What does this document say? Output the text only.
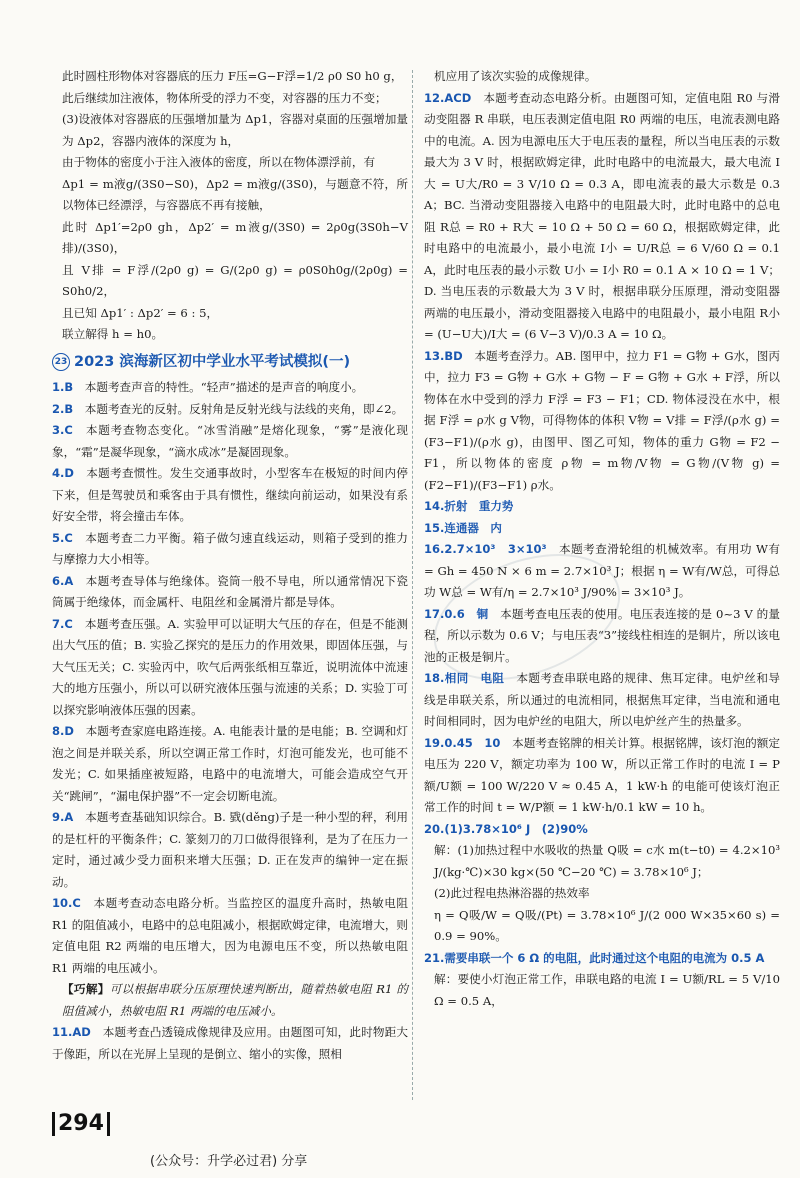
此时圆柱形物体对容器底的压力 F压=G−F浮=1/2 ρ0 S0 h0 g，

此后继续加注液体，物体所受的浮力不变，对容器的压力不变；

(3)设液体对容器底的压强增加量为 Δp1，容器对桌面的压强增加量为 Δp2，容器内液体的深度为 h，

由于物体的密度小于注入液体的密度，所以在物体漂浮前，有

Δp1 = m液g/(3S0−S0)，Δp2 = m液g/(3S0)，与题意不符，所以物体已经漂浮，与容器底不再有接触，

此时 Δp1′=2ρ0 gh，Δp2′ = m液g/(3S0) = 2ρ0g(3S0h−V排)/(3S0)，

且 V排 = F浮/(2ρ0 g) = G/(2ρ0 g) = ρ0S0h0g/(2ρ0g) = S0h0/2，

且已知 Δp1′ : Δp2′ = 6 : 5，

联立解得 h = h0。

23 2023 滨海新区初中学业水平考试模拟(一)

1.B　 本题考查声音的特性。“轻声”描述的是声音的响度小。

2.B　 本题考查光的反射。反射角是反射光线与法线的夹角，即∠2。

3.C　 本题考查物态变化。“冰雪消融”是熔化现象，“雾”是液化现象，“霜”是凝华现象，“滴水成冰”是凝固现象。

4.D　 本题考查惯性。发生交通事故时，小型客车在极短的时间内停下来，但是驾驶员和乘客由于具有惯性，继续向前运动，如果没有系好安全带，将会撞击车体。

5.C　 本题考查二力平衡。箱子做匀速直线运动，则箱子受到的推力与摩擦力大小相等。

6.A　 本题考查导体与绝缘体。瓷筒一般不导电，所以通常情况下瓷筒属于绝缘体，而金属杆、电阻丝和金属滑片都是导体。

7.C　 本题考查压强。A. 实验甲可以证明大气压的存在，但是不能测出大气压的值；B. 实验乙探究的是压力的作用效果，即固体压强，与大气压无关；C. 实验丙中，吹气后两张纸相互靠近，说明流体中流速大的地方压强小，所以可以研究液体压强与流速的关系；D. 实验丁可以探究影响液体压强的因素。

8.D　 本题考查家庭电路连接。A. 电能表计量的是电能；B. 空调和灯泡之间是并联关系，所以空调正常工作时，灯泡可能发光，也可能不发光；C. 如果插座被短路，电路中的电流增大，可能会造成空气开关“跳闸”，“漏电保护器”不一定会切断电流。

9.A　 本题考查基础知识综合。B. 戥(děng)子是一种小型的秤，利用的是杠杆的平衡条件；C. 篆刻刀的刀口做得很锋利，是为了在压力一定时，通过减少受力面积来增大压强；D. 正在发声的编钟一定在振动。

10.C　 本题考查动态电路分析。当监控区的温度升高时，热敏电阻 R1 的阻值减小，电路中的总电阻减小，根据欧姆定律，电流增大，则定值电阻 R2 两端的电压增大，因为电源电压不变，所以热敏电阻 R1 两端的电压减小。

【巧解】可以根据串联分压原理快速判断出，随着热敏电阻 R1 的阻值减小，热敏电阻 R1 两端的电压减小。

11.AD　 本题考查凸透镜成像规律及应用。由题图可知，此时物距大于像距，所以在光屏上呈现的是倒立、缩小的实像，照相

机应用了该次实验的成像规律。

12.ACD　 本题考查动态电路分析。由题图可知，定值电阻 R0 与滑动变阻器 R 串联，电压表测定值电阻 R0 两端的电压，电流表测电路中的电流。A. 因为电源电压大于电压表的量程，所以当电压表的示数最大为 3 V 时，根据欧姆定律，此时电路中的电流最大，最大电流 I大 = U大/R0 = 3 V/10 Ω = 0.3 A，即电流表的最大示数是 0.3 A；BC. 当滑动变阻器接入电路中的电阻最大时，此时电路中的总电阻 R总 = R0 + R大 = 10 Ω + 50 Ω = 60 Ω，根据欧姆定律，此时电路中的电流最小，最小电流 I小 = U/R总 = 6 V/60 Ω = 0.1 A，此时电压表的最小示数 U小 = I小 R0 = 0.1 A × 10 Ω = 1 V；D. 当电压表的示数最大为 3 V 时，根据串联分压原理，滑动变阻器两端的电压最小，滑动变阻器接入电路中的电阻最小，最小电阻 R小 = (U−U大)/I大 = (6 V−3 V)/0.3 A = 10 Ω。

13.BD　 本题考查浮力。AB. 图甲中，拉力 F1 = G物 + G水，图丙中，拉力 F3 = G物 + G水 + G物 − F = G物 + G水 + F浮，所以物体在水中受到的浮力 F浮 = F3 − F1；CD. 物体浸没在水中，根据 F浮 = ρ水 g V物，可得物体的体积 V物 = V排 = F浮/(ρ水 g) = (F3−F1)/(ρ水 g)，由图甲、图乙可知，物体的重力 G物 = F2 − F1，所以物体的密度 ρ物 = m物/V物 = G物/(V物 g) = (F2−F1)/(F3−F1) ρ水。

14.折射　重力势　

15.连通器　内　

16.2.7×10³　3×10³　 本题考查滑轮组的机械效率。有用功 W有 = Gh = 450 N × 6 m = 2.7×10³ J；根据 η = W有/W总，可得总功 W总 = W有/η = 2.7×10³ J/90% = 3×10³ J。

17.0.6　铜　 本题考查电压表的使用。电压表连接的是 0~3 V 的量程，所以示数为 0.6 V；与电压表“3”接线柱相连的是铜片，所以该电池的正极是铜片。

18.相同　电阻　 本题考查串联电路的规律、焦耳定律。电炉丝和导线是串联关系，所以通过的电流相同，根据焦耳定律，当电流和通电时间相同时，因为电炉丝的电阻大，所以电炉丝产生的热量多。

19.0.45　10　 本题考查铭牌的相关计算。根据铭牌，该灯泡的额定电压为 220 V，额定功率为 100 W，所以正常工作时的电流 I = P额/U额 = 100 W/220 V ≈ 0.45 A，1 kW·h 的电能可使该灯泡正常工作的时间 t = W/P额 = 1 kW·h/0.1 kW = 10 h。

20.(1)3.78×10⁶ J　(2)90%　

解：(1)加热过程中水吸收的热量 Q吸 = c水 m(t−t0) = 4.2×10³ J/(kg·℃)×30 kg×(50 ℃−20 ℃) = 3.78×10⁶ J；

(2)此过程电热淋浴器的热效率

η = Q吸/W = Q吸/(Pt) = 3.78×10⁶ J/(2 000 W×35×60 s) = 0.9 = 90%。

21.需要串联一个 6 Ω 的电阻，此时通过这个电阻的电流为 0.5 A　

解：要使小灯泡正常工作，串联电路的电流 I = U额/RL = 5 V/10 Ω = 0.5 A，

294
(公众号：升学必过君) 分享
